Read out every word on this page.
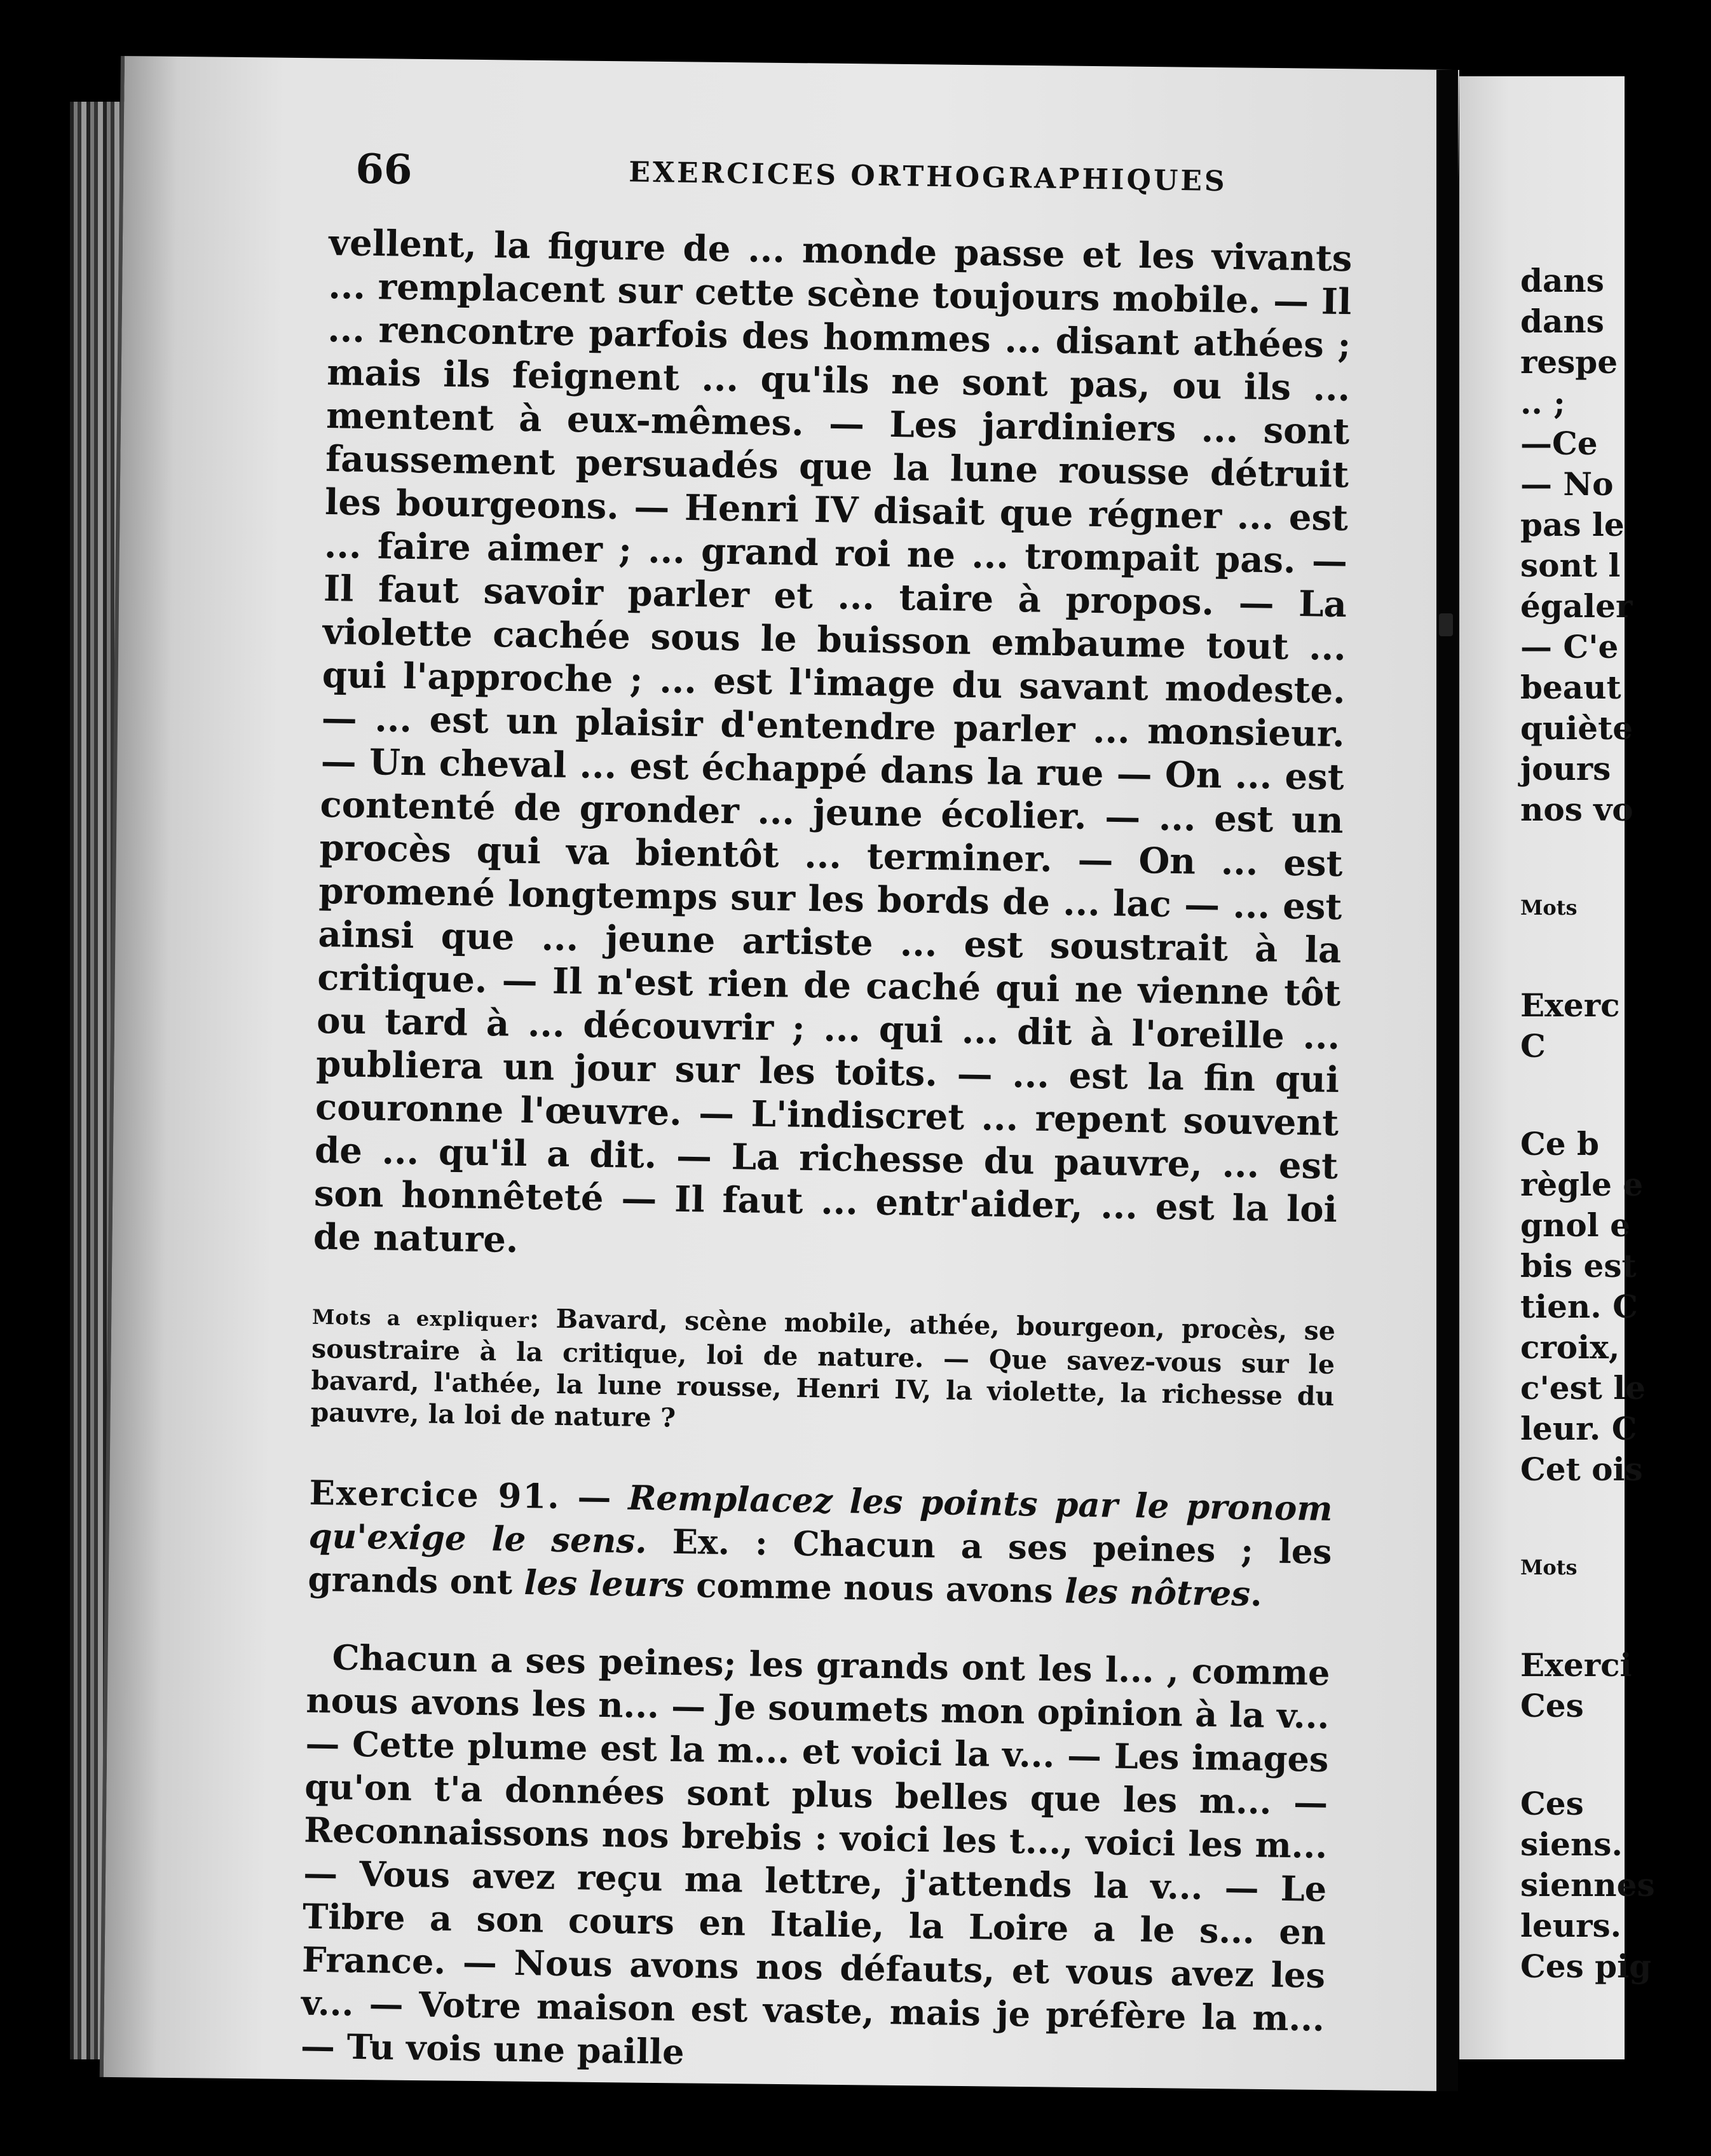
dans
dans
respe
.. ;
—Ce
— No
pas le
sont l
égaler
— C'e
beaut
quiète
jours
nos vo
Mots
Exerc
C
Ce b
règle e
gnol e
bis est
tien. C
croix,
c'est le
leur. C
Cet ois
Mots
Exerci
Ces
Ces
siens.
siennes
leurs.
Ces pig

66	EXERCICES ORTHOGRAPHIQUES

vellent, la figure de ... monde passe et les vivants ... remplacent sur cette scène toujours mobile. — Il ... rencontre parfois des hommes ... disant athées ; mais ils feignent ... qu'ils ne sont pas, ou ils ... mentent à eux-mêmes. — Les jardiniers ... sont faussement persuadés que la lune rousse détruit les bourgeons. — Henri IV disait que régner ... est ... faire aimer ; ... grand roi ne ... trompait pas. — Il faut savoir parler et ... taire à propos. — La violette cachée sous le buisson embaume tout ... qui l'approche ; ... est l'image du savant modeste. — ... est un plaisir d'entendre parler ... monsieur. — Un cheval ... est échappé dans la rue — On ... est contenté de gronder ... jeune écolier. — ... est un procès qui va bientôt ... terminer. — On ... est promené longtemps sur les bords de ... lac — ... est ainsi que ... jeune artiste ... est soustrait à la critique. — Il n'est rien de caché qui ne vienne tôt ou tard à ... découvrir ; ... qui ... dit à l'oreille ... publiera un jour sur les toits. — ... est la fin qui couronne l'œuvre. — L'indiscret ... repent souvent de ... qu'il a dit. — La richesse du pauvre, ... est son honnêteté — Il faut ... entr'aider, ... est la loi de nature.

Mots a expliquer: Bavard, scène mobile, athée, bourgeon, procès, se soustraire à la critique, loi de nature. — Que savez-vous sur le bavard, l'athée, la lune rousse, Henri IV, la violette, la richesse du pauvre, la loi de nature ?

Exercice 91. — Remplacez les points par le pronom qu'exige le sens. Ex. : Chacun a ses peines ; les grands ont les leurs comme nous avons les nôtres.

Chacun a ses peines; les grands ont les l... , comme nous avons les n... — Je soumets mon opinion à la v... — Cette plume est la m... et voici la v... — Les images qu'on t'a données sont plus belles que les m... — Reconnaissons nos brebis : voici les t..., voici les m... — Vous avez reçu ma lettre, j'attends la v... — Le Tibre a son cours en Italie, la Loire a le s... en France. — Nous avons nos défauts, et vous avez les v... — Votre maison est vaste, mais je préfère la m... — Tu vois une paille
